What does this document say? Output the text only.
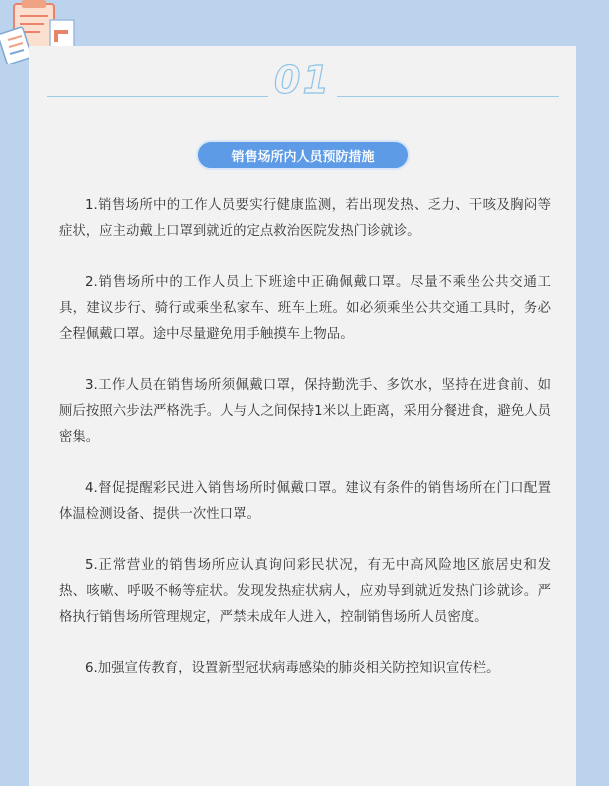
01
销售场所内人员预防措施

1.销售场所中的工作人员要实行健康监测，若出现发热、乏力、干咳及胸闷等症状，应主动戴上口罩到就近的定点救治医院发热门诊就诊。

2.销售场所中的工作人员上下班途中正确佩戴口罩。尽量不乘坐公共交通工具，建议步行、骑行或乘坐私家车、班车上班。如必须乘坐公共交通工具时，务必全程佩戴口罩。途中尽量避免用手触摸车上物品。

3.工作人员在销售场所须佩戴口罩，保持勤洗手、多饮水，坚持在进食前、如厕后按照六步法严格洗手。人与人之间保持1米以上距离，采用分餐进食，避免人员密集。

4.督促提醒彩民进入销售场所时佩戴口罩。建议有条件的销售场所在门口配置体温检测设备、提供一次性口罩。

5.正常营业的销售场所应认真询问彩民状况，有无中高风险地区旅居史和发热、咳嗽、呼吸不畅等症状。发现发热症状病人，应劝导到就近发热门诊就诊。严格执行销售场所管理规定，严禁未成年人进入，控制销售场所人员密度。

6.加强宣传教育，设置新型冠状病毒感染的肺炎相关防控知识宣传栏。
